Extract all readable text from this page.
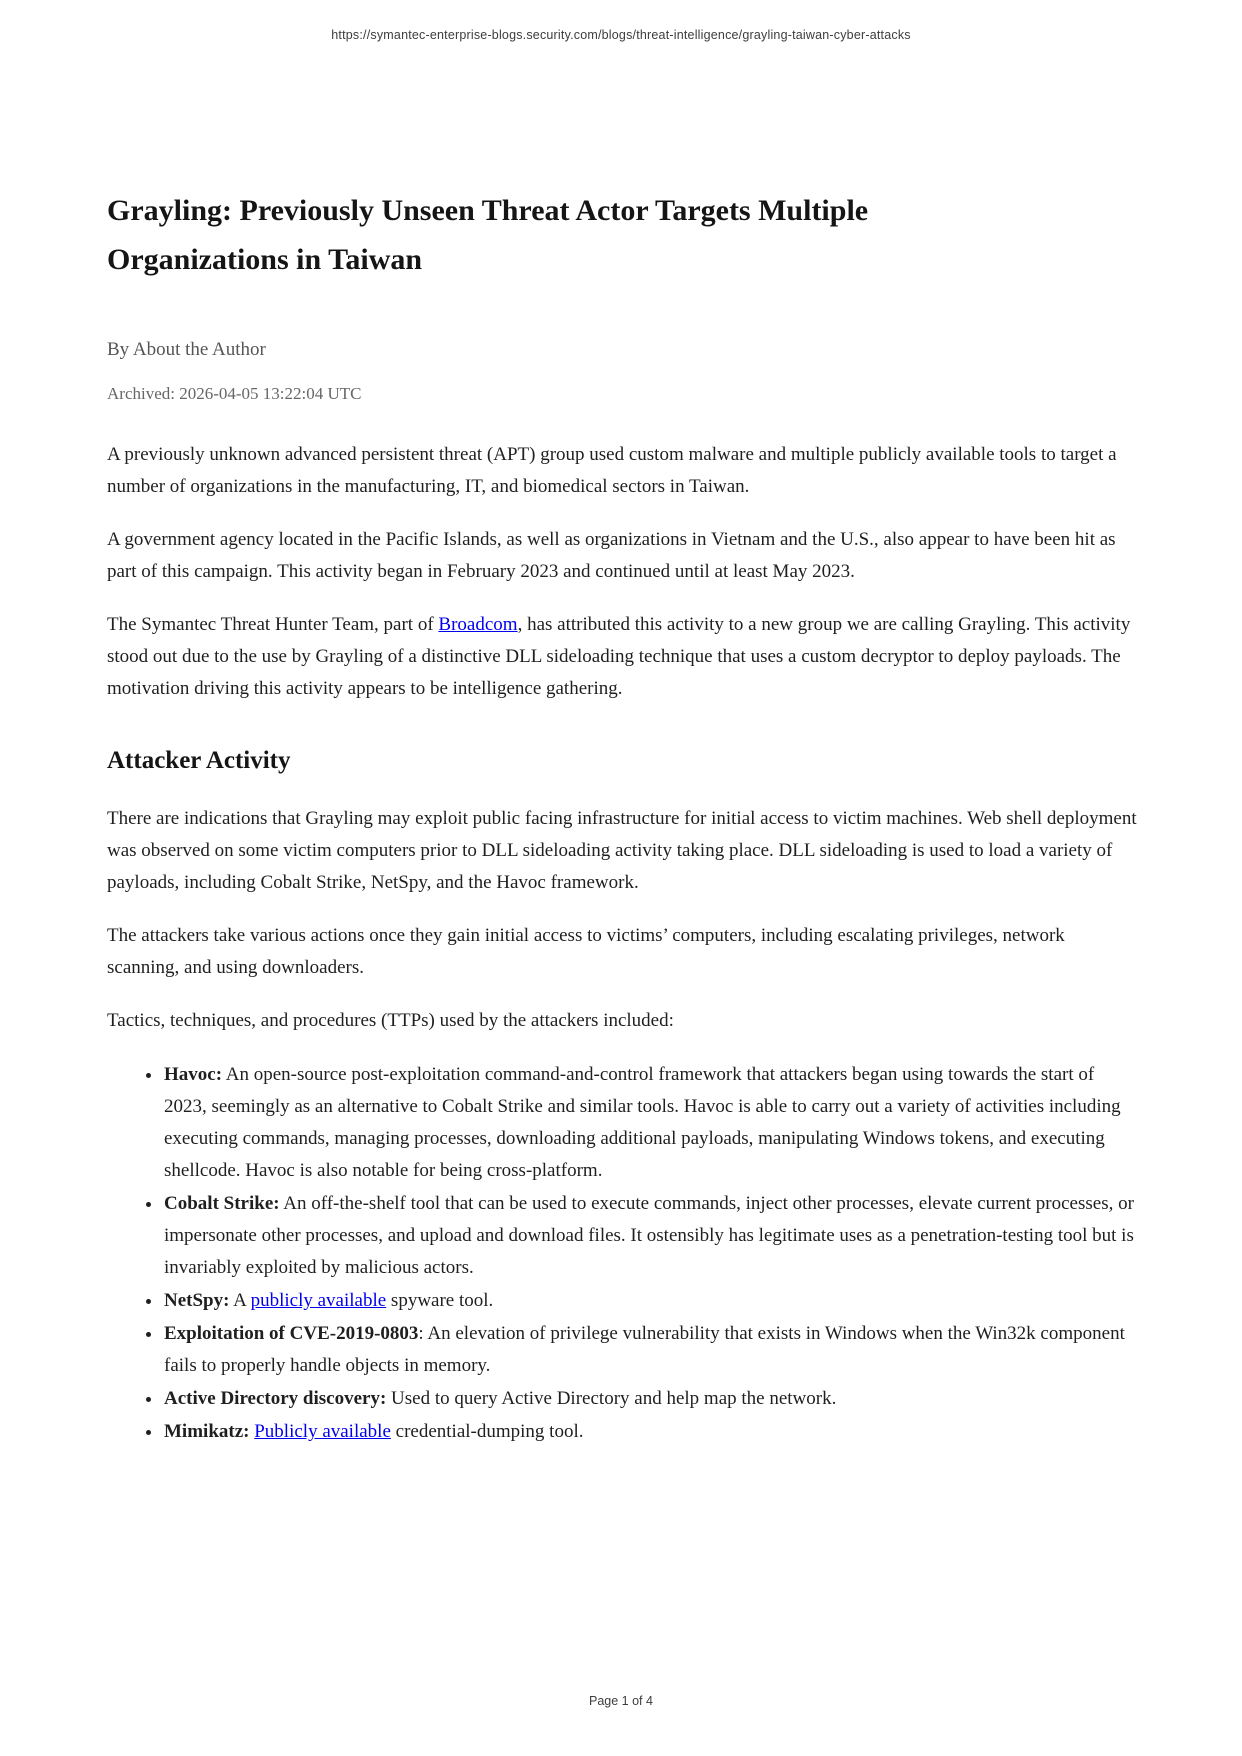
https://symantec-enterprise-blogs.security.com/blogs/threat-intelligence/grayling-taiwan-cyber-attacks
Grayling: Previously Unseen Threat Actor Targets Multiple Organizations in Taiwan

By About the Author

Archived: 2026-04-05 13:22:04 UTC

A previously unknown advanced persistent threat (APT) group used custom malware and multiple publicly available tools to target a number of organizations in the manufacturing, IT, and biomedical sectors in Taiwan.

A government agency located in the Pacific Islands, as well as organizations in Vietnam and the U.S., also appear to have been hit as part of this campaign. This activity began in February 2023 and continued until at least May 2023.

The Symantec Threat Hunter Team, part of Broadcom, has attributed this activity to a new group we are calling Grayling. This activity stood out due to the use by Grayling of a distinctive DLL sideloading technique that uses a custom decryptor to deploy payloads. The motivation driving this activity appears to be intelligence gathering.

Attacker Activity

There are indications that Grayling may exploit public facing infrastructure for initial access to victim machines. Web shell deployment was observed on some victim computers prior to DLL sideloading activity taking place. DLL sideloading is used to load a variety of payloads, including Cobalt Strike, NetSpy, and the Havoc framework.

The attackers take various actions once they gain initial access to victims’ computers, including escalating privileges, network scanning, and using downloaders.

Tactics, techniques, and procedures (TTPs) used by the attackers included:

• Havoc: An open-source post-exploitation command-and-control framework that attackers began using towards the start of 2023, seemingly as an alternative to Cobalt Strike and similar tools. Havoc is able to carry out a variety of activities including executing commands, managing processes, downloading additional payloads, manipulating Windows tokens, and executing shellcode. Havoc is also notable for being cross-platform.
• Cobalt Strike: An off-the-shelf tool that can be used to execute commands, inject other processes, elevate current processes, or impersonate other processes, and upload and download files. It ostensibly has legitimate uses as a penetration-testing tool but is invariably exploited by malicious actors.
• NetSpy: A publicly available spyware tool.
• Exploitation of CVE-2019-0803: An elevation of privilege vulnerability that exists in Windows when the Win32k component fails to properly handle objects in memory.
• Active Directory discovery: Used to query Active Directory and help map the network.
• Mimikatz: Publicly available credential-dumping tool.
Page 1 of 4
